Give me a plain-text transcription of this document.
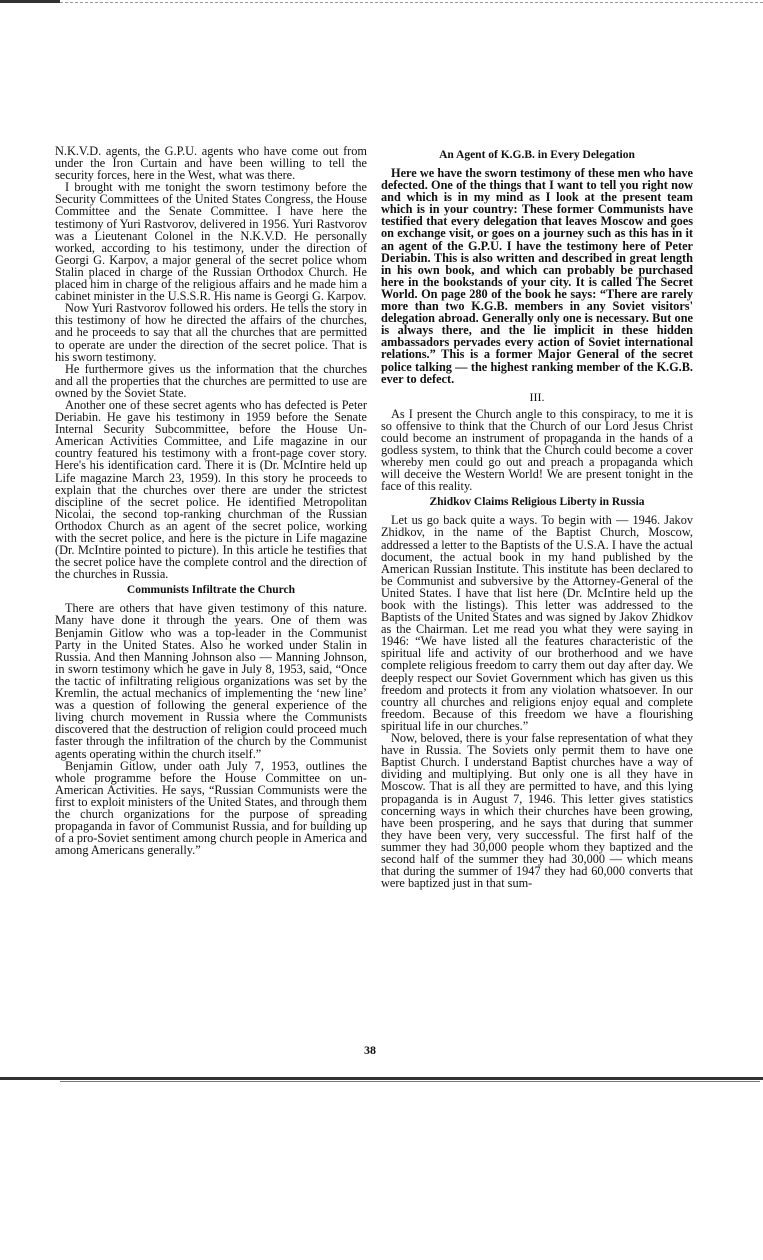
N.K.V.D. agents, the G.P.U. agents who have come out from under the Iron Curtain and have been willing to tell the security forces, here in the West, what was there.

I brought with me tonight the sworn testimony before the Security Committees of the United States Congress, the House Committee and the Senate Committee. I have here the testimony of Yuri Rastvorov, delivered in 1956. Yuri Rastvorov was a Lieutenant Colonel in the N.K.V.D. He personally worked, according to his testimony, under the direction of Georgi G. Karpov, a major general of the secret police whom Stalin placed in charge of the Russian Orthodox Church. He placed him in charge of the religious affairs and he made him a cabinet minister in the U.S.S.R. His name is Georgi G. Karpov.

Now Yuri Rastvorov followed his orders. He tells the story in this testimony of how he directed the affairs of the churches, and he proceeds to say that all the churches that are permitted to operate are under the direction of the secret police. That is his sworn testimony.

He furthermore gives us the information that the churches and all the properties that the churches are permitted to use are owned by the Soviet State.

Another one of these secret agents who has defected is Peter Deriabin. He gave his testimony in 1959 before the Senate Internal Security Subcommittee, before the House Un-American Activities Committee, and Life magazine in our country featured his testimony with a front-page cover story. Here's his identification card. There it is (Dr. McIntire held up Life magazine March 23, 1959). In this story he proceeds to explain that the churches over there are under the strictest discipline of the secret police. He identified Metropolitan Nicolai, the second top-ranking churchman of the Russian Orthodox Church as an agent of the secret police, working with the secret police, and here is the picture in Life magazine (Dr. McIntire pointed to picture). In this article he testifies that the secret police have the complete control and the direction of the churches in Russia.

Communists Infiltrate the Church

There are others that have given testimony of this nature. Many have done it through the years. One of them was Benjamin Gitlow who was a top-leader in the Communist Party in the United States. Also he worked under Stalin in Russia. And then Manning Johnson also — Manning Johnson, in sworn testimony which he gave in July 8, 1953, said, “Once the tactic of infiltrating religious organizations was set by the Kremlin, the actual mechanics of implementing the ‘new line’ was a question of following the general experience of the living church movement in Russia where the Communists discovered that the destruction of religion could proceed much faster through the infiltration of the church by the Communist agents operating within the church itself.”

Benjamin Gitlow, under oath July 7, 1953, outlines the whole programme before the House Committee on un-American Activities. He says, “Russian Communists were the first to exploit ministers of the United States, and through them the church organizations for the purpose of spreading propaganda in favor of Communist Russia, and for building up of a pro-Soviet sentiment among church people in America and among Americans generally.”

An Agent of K.G.B. in Every Delegation

Here we have the sworn testimony of these men who have defected. One of the things that I want to tell you right now and which is in my mind as I look at the present team which is in your country: These former Communists have testified that every delegation that leaves Moscow and goes on exchange visit, or goes on a journey such as this has in it an agent of the G.P.U. I have the testimony here of Peter Deriabin. This is also written and described in great length in his own book, and which can probably be purchased here in the bookstands of your city. It is called The Secret World. On page 280 of the book he says: “There are rarely more than two K.G.B. members in any Soviet visitors' delegation abroad. Generally only one is necessary. But one is always there, and the lie implicit in these hidden ambassadors pervades every action of Soviet international relations.” This is a former Major General of the secret police talking — the highest ranking member of the K.G.B. ever to defect.

III.

As I present the Church angle to this conspiracy, to me it is so offensive to think that the Church of our Lord Jesus Christ could become an instrument of propaganda in the hands of a godless system, to think that the Church could become a cover whereby men could go out and preach a propaganda which will deceive the Western World! We are present tonight in the face of this reality.

Zhidkov Claims Religious Liberty in Russia

Let us go back quite a ways. To begin with — 1946. Jakov Zhidkov, in the name of the Baptist Church, Moscow, addressed a letter to the Baptists of the U.S.A. I have the actual document, the actual book in my hand published by the American Russian Institute. This institute has been declared to be Communist and subversive by the Attorney-General of the United States. I have that list here (Dr. McIntire held up the book with the listings). This letter was addressed to the Baptists of the United States and was signed by Jakov Zhidkov as the Chairman. Let me read you what they were saying in 1946: “We have listed all the features characteristic of the spiritual life and activity of our brotherhood and we have complete religious freedom to carry them out day after day. We deeply respect our Soviet Government which has given us this freedom and protects it from any violation whatsoever. In our country all churches and religions enjoy equal and complete freedom. Because of this freedom we have a flourishing spiritual life in our churches.”

Now, beloved, there is your false representation of what they have in Russia. The Soviets only permit them to have one Baptist Church. I understand Baptist churches have a way of dividing and multiplying. But only one is all they have in Moscow. That is all they are permitted to have, and this lying propaganda is in August 7, 1946. This letter gives statistics concerning ways in which their churches have been growing, have been prospering, and he says that during that summer they have been very, very successful. The first half of the summer they had 30,000 people whom they baptized and the second half of the summer they had 30,000 — which means that during the summer of 1947 they had 60,000 converts that were baptized just in that sum-

38
